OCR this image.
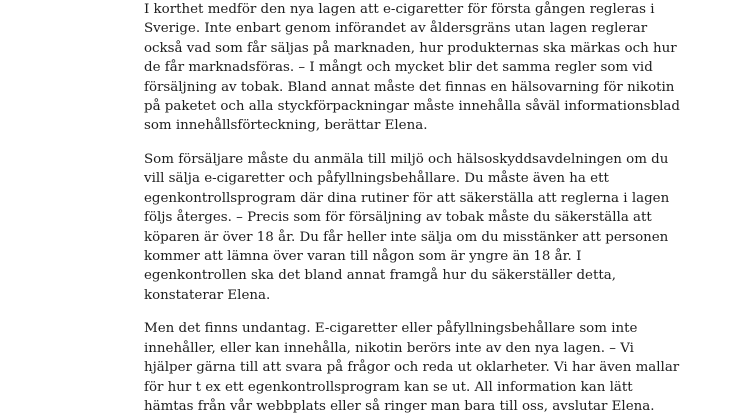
I korthet medför den nya lagen att e-cigaretter för första gången regleras i
Sverige. Inte enbart genom införandet av åldersgräns utan lagen reglerar
också vad som får säljas på marknaden, hur produkternas ska märkas och hur
de får marknadsföras. – I mångt och mycket blir det samma regler som vid
försäljning av tobak. Bland annat måste det finnas en hälsovarning för nikotin
på paketet och alla styckförpackningar måste innehålla såväl informationsblad
som innehållsförteckning, berättar Elena.

Som försäljare måste du anmäla till miljö och hälsoskyddsavdelningen om du
vill sälja e-cigaretter och påfyllningsbehållare. Du måste även ha ett
egenkontrollsprogram där dina rutiner för att säkerställa att reglerna i lagen
följs återges. – Precis som för försäljning av tobak måste du säkerställa att
köparen är över 18 år. Du får heller inte sälja om du misstänker att personen
kommer att lämna över varan till någon som är yngre än 18 år. I
egenkontrollen ska det bland annat framgå hur du säkerställer detta,
konstaterar Elena.

Men det finns undantag. E-cigaretter eller påfyllningsbehållare som inte
innehåller, eller kan innehålla, nikotin berörs inte av den nya lagen. – Vi
hjälper gärna till att svara på frågor och reda ut oklarheter. Vi har även mallar
för hur t ex ett egenkontrollsprogram kan se ut. All information kan lätt
hämtas från vår webbplats eller så ringer man bara till oss, avslutar Elena.
